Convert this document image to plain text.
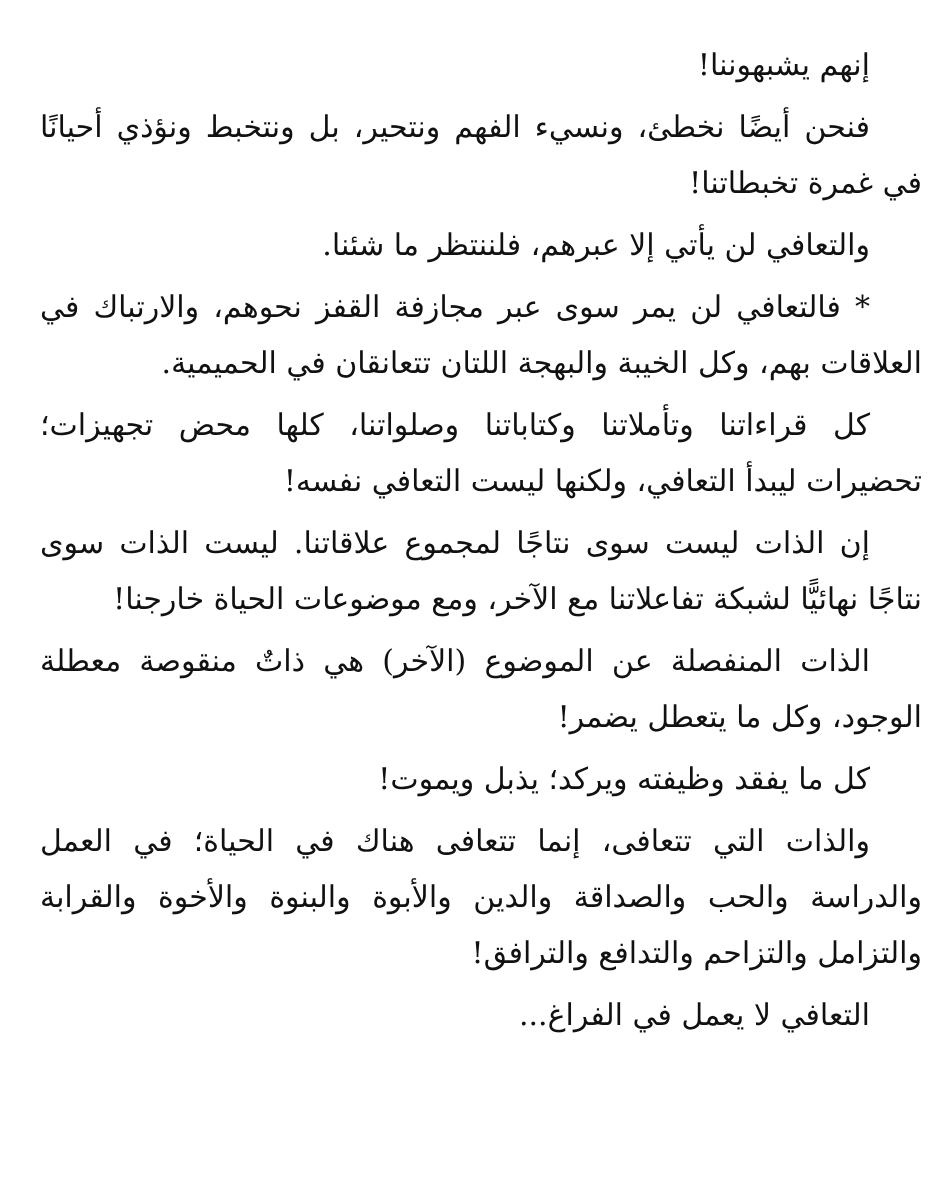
إنهم يشبهوننا!

فنحن أيضًا نخطئ، ونسيء الفهم ونتحير، بل ونتخبط ونؤذي أحيانًا في غمرة تخبطاتنا!

والتعافي لن يأتي إلا عبرهم، فلننتظر ما شئنا.

* فالتعافي لن يمر سوى عبر مجازفة القفز نحوهم، والارتباك في العلاقات بهم، وكل الخيبة والبهجة اللتان تتعانقان في الحميمية.

كل قراءاتنا وتأملاتنا وكتاباتنا وصلواتنا، كلها محض تجهيزات؛ تحضيرات ليبدأ التعافي، ولكنها ليست التعافي نفسه!

إن الذات ليست سوى نتاجًا لمجموع علاقاتنا. ليست الذات سوى نتاجًا نهائيًّا لشبكة تفاعلاتنا مع الآخر، ومع موضوعات الحياة خارجنا!

الذات المنفصلة عن الموضوع (الآخر) هي ذاتٌ منقوصة معطلة الوجود، وكل ما يتعطل يضمر!

كل ما يفقد وظيفته ويركد؛ يذبل ويموت!

والذات التي تتعافى، إنما تتعافى هناك في الحياة؛ في العمل والدراسة والحب والصداقة والدين والأبوة والبنوة والأخوة والقرابة والتزامل والتزاحم والتدافع والترافق!

التعافي لا يعمل في الفراغ...
